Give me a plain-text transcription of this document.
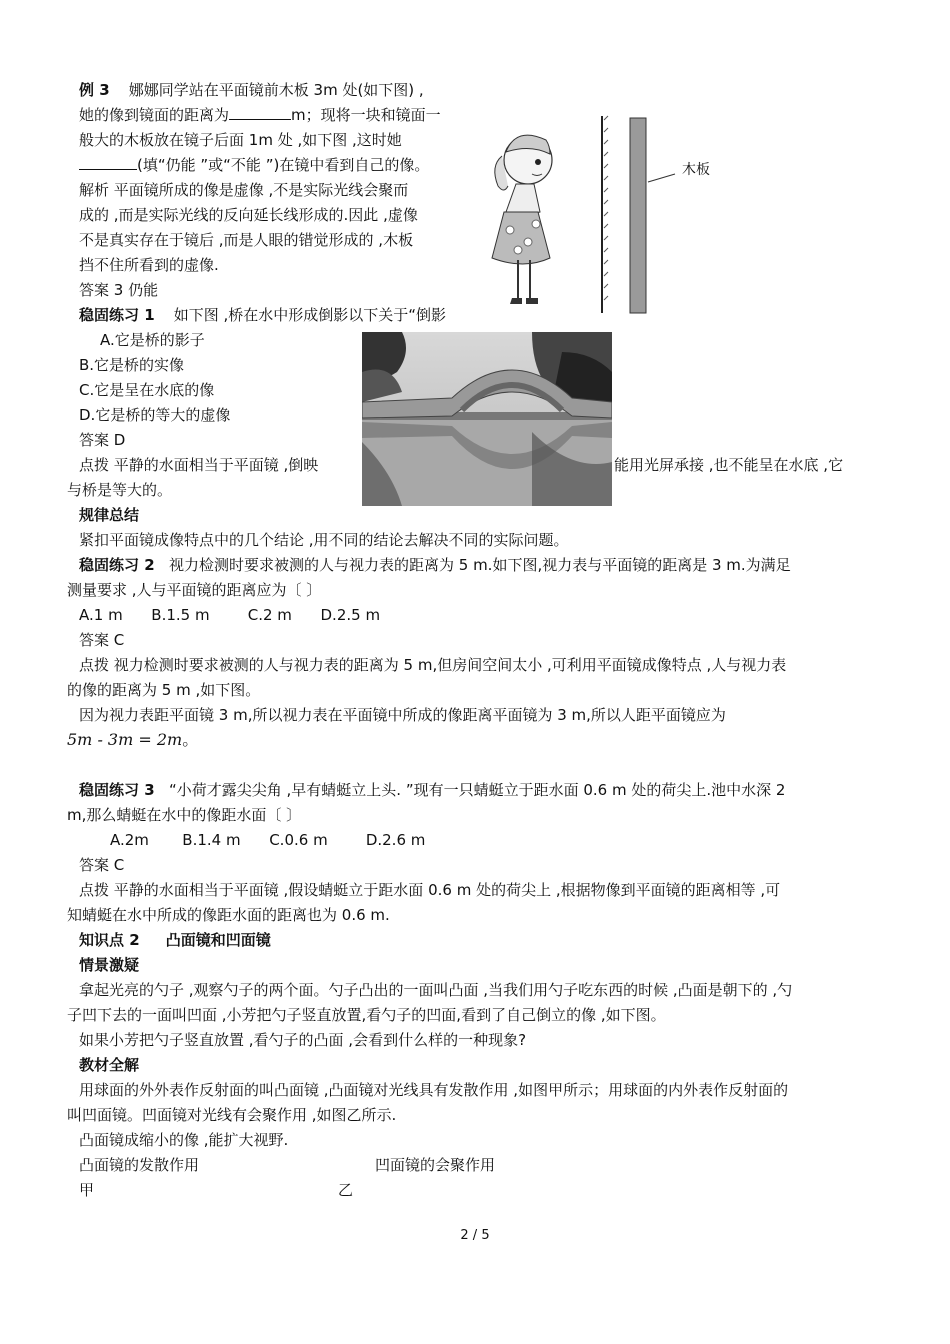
例 3 娜娜同学站在平面镜前木板 3m 处(如下图) ,
她的像到镜面的距离为	m；现将一块和镜面一
般大的木板放在镜子后面 1m 处 ,如下图 ,这时她
(填“仍能 ”或“不能 ”)在镜中看到自己的像。
解析 平面镜所成的像是虚像 ,不是实际光线会聚而
成的 ,而是实际光线的反向延长线形成的.因此 ,虚像
不是真实存在于镜后 ,而是人眼的错觉形成的 ,木板
挡不住所看到的虚像.
答案 3 仍能
木板
稳固练习 1 如下图 ,桥在水中形成倒影以下关于“倒影
A.它是桥的影子
B.它是桥的实像
C.它是呈在水底的像
D.它是桥的等大的虚像
答案 D
点拨 平静的水面相当于平面镜 ,倒映	能用光屏承接 ,也不能呈在水底 ,它
与桥是等大的。
规律总结
紧扣平面镜成像特点中的几个结论 ,用不同的结论去解决不同的实际问题。
稳固练习 2 视力检测时要求被测的人与视力表的距离为 5 m.如下图,视力表与平面镜的距离是 3 m.为满足
测量要求 ,人与平面镜的距离应为〔 〕
A.1 m      B.1.5 m        C.2 m      D.2.5 m
答案 C
点拨 视力检测时要求被测的人与视力表的距离为 5 m,但房间空间太小 ,可利用平面镜成像特点 ,人与视力表
的像的距离为 5 m ,如下图。
因为视力表距平面镜 3 m,所以视力表在平面镜中所成的像距离平面镜为 3 m,所以人距平面镜应为
5m - 3m = 2m。
稳固练习 3 “小荷才露尖尖角 ,早有蜻蜓立上头. ”现有一只蜻蜓立于距水面 0.6 m 处的荷尖上.池中水深 2
m,那么蜻蜓在水中的像距水面〔 〕
A.2m       B.1.4 m      C.0.6 m        D.2.6 m
答案 C
点拨 平静的水面相当于平面镜 ,假设蜻蜓立于距水面 0.6 m 处的荷尖上 ,根据物像到平面镜的距离相等 ,可
知蜻蜓在水中所成的像距水面的距离也为 0.6 m.
知识点 2     凸面镜和凹面镜
情景激疑
拿起光亮的勺子 ,观察勺子的两个面。勺子凸出的一面叫凸面 ,当我们用勺子吃东西的时候 ,凸面是朝下的 ,勺
子凹下去的一面叫凹面 ,小芳把勺子竖直放置,看勺子的凹面,看到了自己倒立的像 ,如下图。
如果小芳把勺子竖直放置 ,看勺子的凸面 ,会看到什么样的一种现象?
教材全解
用球面的外外表作反射面的叫凸面镜 ,凸面镜对光线具有发散作用 ,如图甲所示；用球面的内外表作反射面的
叫凹面镜。凹面镜对光线有会聚作用 ,如图乙所示.
凸面镜成缩小的像 ,能扩大视野.
凸面镜的发散作用	凹面镜的会聚作用
甲	乙
2 / 5
